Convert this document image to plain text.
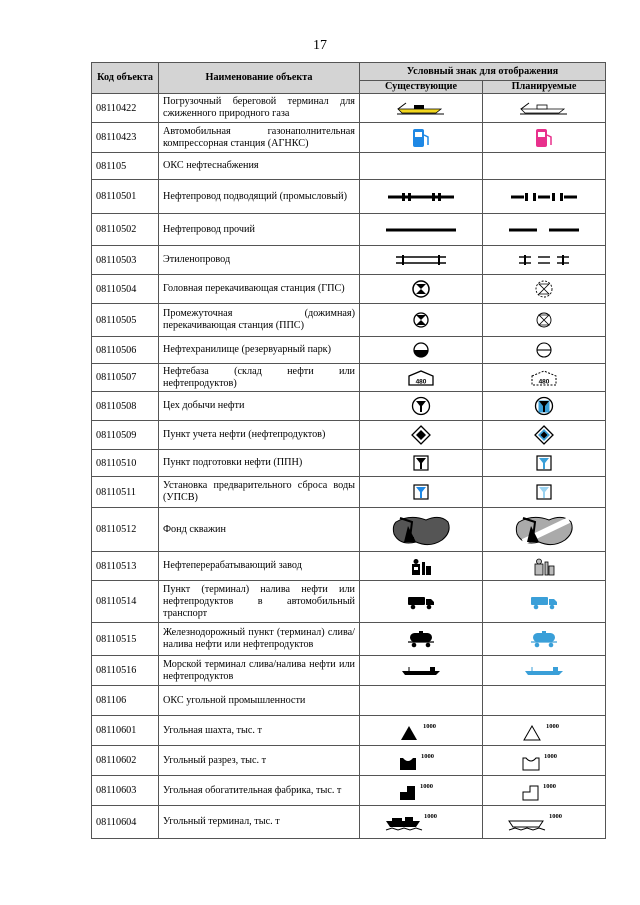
17
Код объекта	Наименование объекта	Условный знак для отображения	
		Существующие	Планируемые
08110422	Погрузочный береговой терминал для сжиженного природного газа	

08110423	Автомобильная газонаполнительная компрессорная станция (АГНКС)	

081105	ОКС нефтеснабжения		
08110501	Нефтепровод подводящий (промысловый)	

08110502	Нефтепровод прочий	

08110503	Этиленопровод	

08110504	Головная перекачивающая станция (ГПС)	

08110505	Промежуточная (дожимная) перекачивающая станция (ППС)	

08110506	Нефтехранилище (резервуарный парк)	

08110507	Нефтебаза (склад нефти или нефтепродуктов)	480	480

08110508	Цех добычи нефти	

08110509	Пункт учета нефти (нефтепродуктов)	

08110510	Пункт подготовки нефти (ППН)	

08110511	Установка предварительного сброса воды (УПСВ)	

08110512	Фонд скважин	

08110513	Нефтеперерабатывающий завод	

08110514	Пункт (терминал) налива нефти или нефтепродуктов в автомобильный транспорт	

08110515	Железнодорожный пункт (терминал) слива/налива нефти или нефтепродуктов	

08110516	Морской терминал слива/налива нефти или нефтепродуктов	

081106	ОКС угольной промышленности		
08110601	Угольная шахта, тыс. т	1000	1000

08110602	Угольный разрез, тыс. т	1000	1000

08110603	Угольная обогатительная фабрика, тыс. т	1000	1000

08110604	Угольный терминал, тыс. т	1000	1000
